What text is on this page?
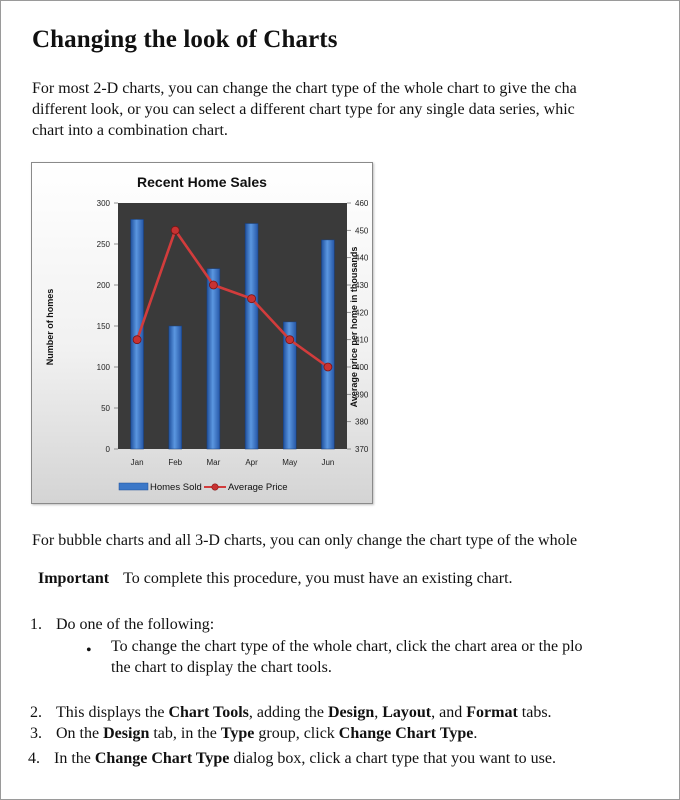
Changing the look of Charts

For most 2-D charts, you can change the chart type of the whole chart to give the cha

different look, or you can select a different chart type for any single data series, whic

chart into a combination chart.

Recent Home Sales
Number of homes	Average price per home in thousands
0
50
100
150
200
250
300
370
380
390
400
410
420
430
440
450
460
Jan	Feb	Mar	Apr	May	Jun
Homes Sold	Average Price

For bubble charts and all 3-D charts, you can only change the chart type of the whole

Important To complete this procedure, you must have an existing chart.
1. Do one of the following:
• To change the chart type of the whole chart, click the chart area or the plo
the chart to display the chart tools.
2. This displays the Chart Tools, adding the Design, Layout, and Format tabs.
3. On the Design tab, in the Type group, click Change Chart Type.
4. In the Change Chart Type dialog box, click a chart type that you want to use.
